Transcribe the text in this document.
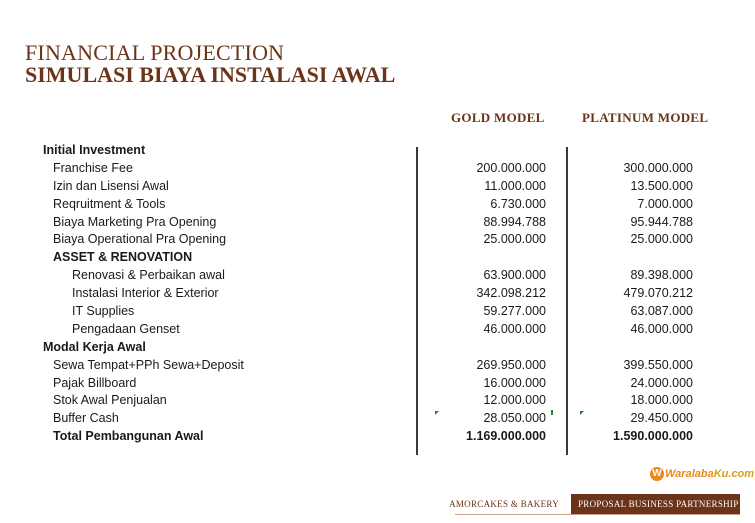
FINANCIAL PROJECTION
SIMULASI BIAYA INSTALASI AWAL
GOLD MODEL	PLATINUM MODEL
Initial Investment
Franchise Fee	200.000.000	300.000.000
Izin dan Lisensi Awal	11.000.000	13.500.000
Reqruitment & Tools	6.730.000	7.000.000
Biaya Marketing Pra Opening	88.994.788	95.944.788
Biaya Operational Pra Opening	25.000.000	25.000.000
ASSET & RENOVATION
Renovasi & Perbaikan awal	63.900.000	89.398.000
Instalasi Interior & Exterior	342.098.212	479.070.212
IT Supplies	59.277.000	63.087.000
Pengadaan Genset	46.000.000	46.000.000
Modal Kerja Awal
Sewa Tempat+PPh Sewa+Deposit	269.950.000	399.550.000
Pajak Billboard	16.000.000	24.000.000
Stok Awal Penjualan	12.000.000	18.000.000
Buffer Cash	28.050.000	29.450.000
Total Pembangunan Awal	1.169.000.000	1.590.000.000
W Waralaba Ku.com
AMORCAKES & BAKERY	PROPOSAL BUSINESS PARTNERSHIP | 14
